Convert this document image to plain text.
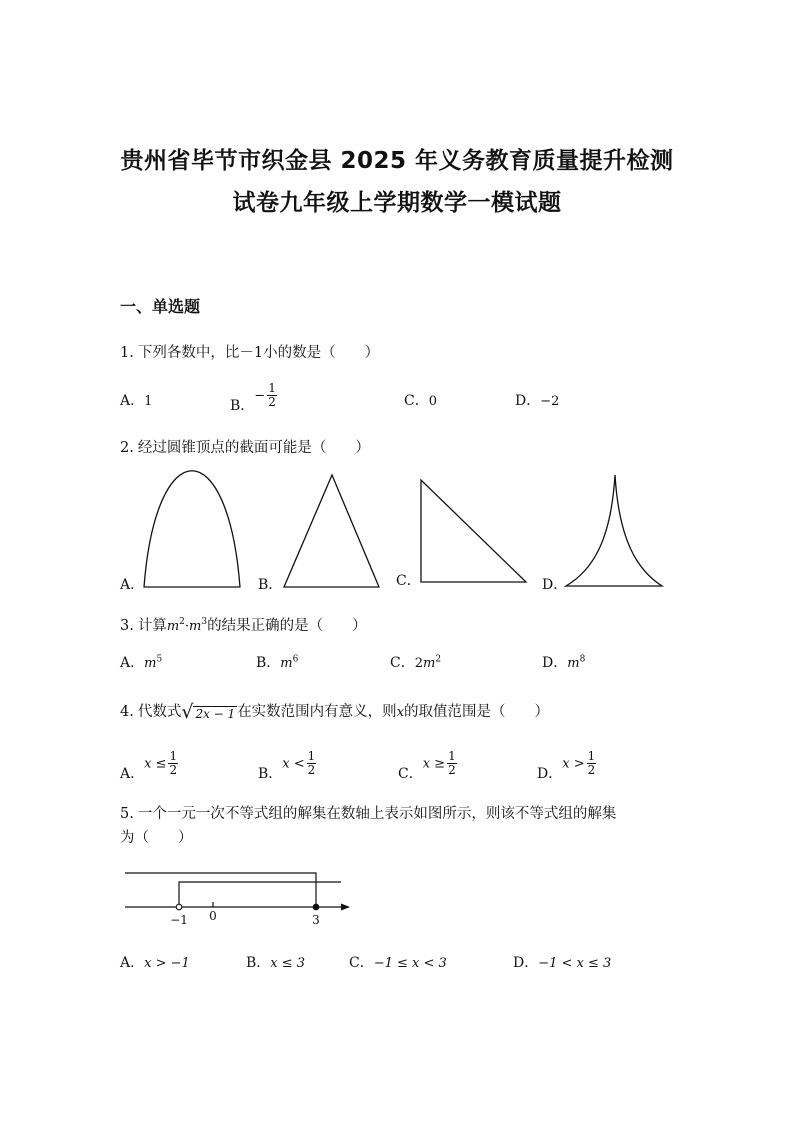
贵州省毕节市织金县 2025 年义务教育质量提升检测
试卷九年级上学期数学一模试题
一、单选题
1. 下列各数中，比－1小的数是（　　）
A．1	B．− $\frac{1}{2}$	C．0	D．−2
2. 经过圆锥顶点的截面可能是（　　）
A．	B．	C．	D．
3. 计算$m^2\cdot m^3$的结果正确的是（　　）
A．$m^5$	B．$m^6$	C．$2m^2$	D．$m^8$
4. 代数式 √ 2x − 1 在实数范围内有意义，则x的取值范围是（　　）
A．$x \le \frac{1}{2}$	B．$x < \frac{1}{2}$	C．$x \ge \frac{1}{2}$	D．$x > \frac{1}{2}$
5. 一个一元一次不等式组的解集在数轴上表示如图所示，则该不等式组的解集
为（　　）
−1 0	3
A．x > −1	B．x ≤ 3	C．−1 ≤ x < 3	D．−1 < x ≤ 3
